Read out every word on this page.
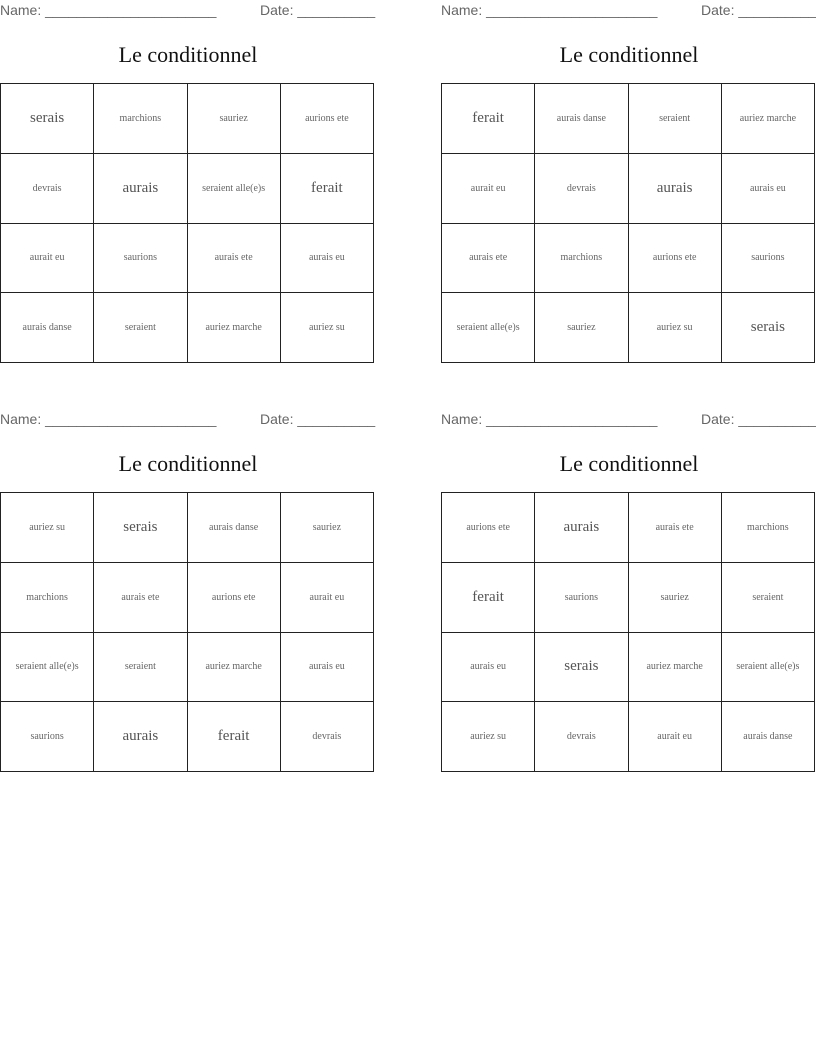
Name: ______________________	Date: __________
Le conditionnel
serais	marchions	sauriez	aurions ete
devrais	aurais	seraient alle(e)s	ferait
aurait eu	saurions	aurais ete	aurais eu
aurais danse	seraient	auriez marche	auriez su
Name: ______________________	Date: __________
Le conditionnel
ferait	aurais danse	seraient	auriez marche
aurait eu	devrais	aurais	aurais eu
aurais ete	marchions	aurions ete	saurions
seraient alle(e)s	sauriez	auriez su	serais
Name: ______________________	Date: __________
Le conditionnel
auriez su	serais	aurais danse	sauriez
marchions	aurais ete	aurions ete	aurait eu
seraient alle(e)s	seraient	auriez marche	aurais eu
saurions	aurais	ferait	devrais
Name: ______________________	Date: __________
Le conditionnel
aurions ete	aurais	aurais ete	marchions
ferait	saurions	sauriez	seraient
aurais eu	serais	auriez marche	seraient alle(e)s
auriez su	devrais	aurait eu	aurais danse
